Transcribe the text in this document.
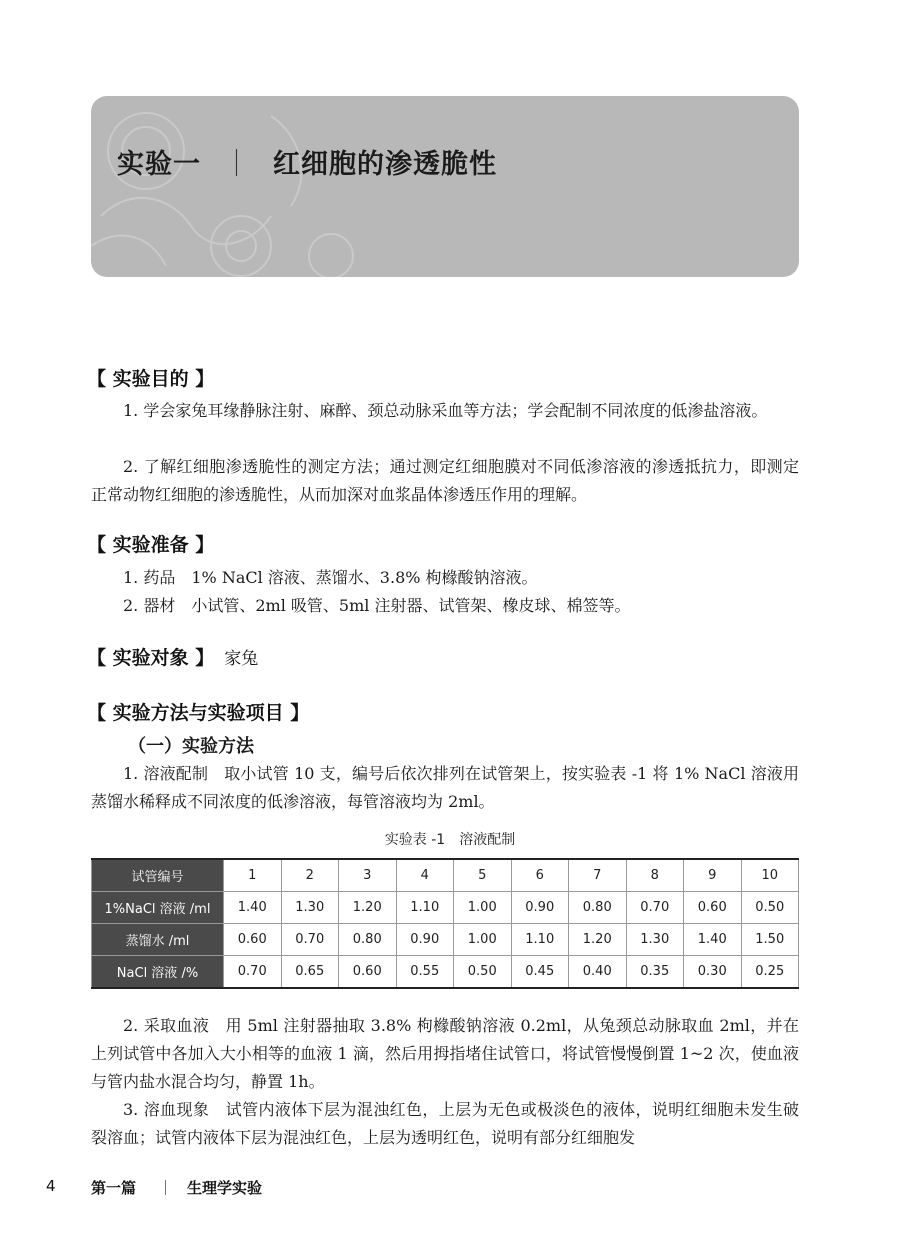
实验一 ｜ 红细胞的渗透脆性
【 实验目的 】
1. 学会家兔耳缘静脉注射、麻醉、颈总动脉采血等方法；学会配制不同浓度的低渗盐溶液。
2. 了解红细胞渗透脆性的测定方法；通过测定红细胞膜对不同低渗溶液的渗透抵抗力，即测定正常动物红细胞的渗透脆性，从而加深对血浆晶体渗透压作用的理解。
【 实验准备 】
1. 药品　1% NaCl 溶液、蒸馏水、3.8% 枸橼酸钠溶液。
2. 器材　小试管、2ml 吸管、5ml 注射器、试管架、橡皮球、棉签等。
【 实验对象 】 家兔
【 实验方法与实验项目 】
（一）实验方法
1. 溶液配制　取小试管 10 支，编号后依次排列在试管架上，按实验表 -1 将 1% NaCl 溶液用蒸馏水稀释成不同浓度的低渗溶液，每管溶液均为 2ml。
实验表 -1　溶液配制
试管编号	1	2	3	4	5	6	7	8	9	10
1%NaCl 溶液 /ml	1.40	1.30	1.20	1.10	1.00	0.90	0.80	0.70	0.60	0.50
蒸馏水 /ml	0.60	0.70	0.80	0.90	1.00	1.10	1.20	1.30	1.40	1.50
NaCl 溶液 /%	0.70	0.65	0.60	0.55	0.50	0.45	0.40	0.35	0.30	0.25
2. 采取血液　用 5ml 注射器抽取 3.8% 枸橼酸钠溶液 0.2ml，从兔颈总动脉取血 2ml，并在上列试管中各加入大小相等的血液 1 滴，然后用拇指堵住试管口，将试管慢慢倒置 1~2 次，使血液与管内盐水混合均匀，静置 1h。
3. 溶血现象　试管内液体下层为混浊红色，上层为无色或极淡色的液体，说明红细胞未发生破裂溶血；试管内液体下层为混浊红色，上层为透明红色，说明有部分红细胞发
4 第一篇 ｜ 生理学实验
